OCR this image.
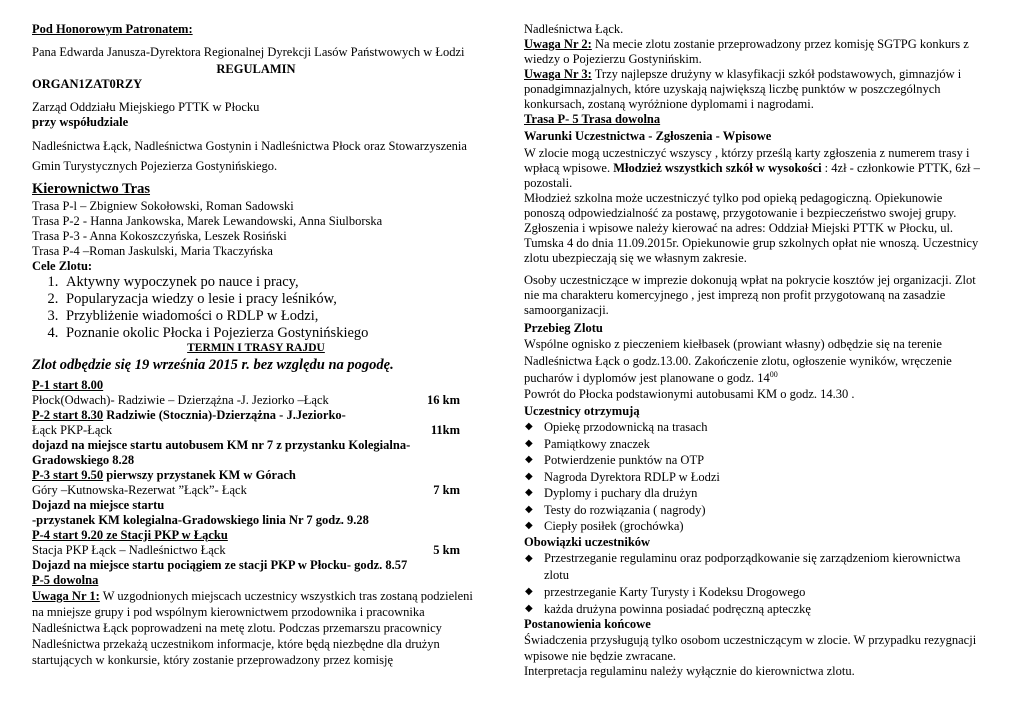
Pod Honorowym Patronatem:
Pana Edwarda Janusza-Dyrektora Regionalnej Dyrekcji Lasów Państwowych w Łodzi
REGULAMIN
ORGAN1ZAT0RZY
Zarząd Oddziału Miejskiego PTTK w Płocku
przy współudziale
Nadleśnictwa Łąck, Nadleśnictwa Gostynin i Nadleśnictwa Płock oraz Stowarzyszenia Gmin Turystycznych Pojezierza Gostynińskiego.
Kierownictwo Tras
Trasa P-l – Zbigniew Sokołowski, Roman Sadowski
Trasa P-2 - Hanna Jankowska, Marek Lewandowski, Anna Siulborska
Trasa P-3 - Anna Kokoszczyńska, Leszek Rosiński
Trasa P-4 –Roman Jaskulski, Maria Tkaczyńska
Cele Zlotu:
1. Aktywny wypoczynek po nauce i pracy,
2. Popularyzacja wiedzy o lesie i pracy leśników,
3. Przybliżenie wiadomości o RDLP w Łodzi,
4. Poznanie okolic Płocka i Pojezierza Gostynińskiego
TERMIN I TRASY RAJDU
Zlot odbędzie się 19 września 2015 r. bez względu na pogodę.
P-1 start 8.00
Płock(Odwach)- Radziwie – Dzierzążna -J. Jeziorko –Łąck	16 km
P-2 start 8.30 Radziwie (Stocznia)-Dzierzążna - J.Jeziorko-
Łąck PKP-Łąck	11km
dojazd na miejsce startu autobusem KM nr 7 z przystanku Kolegialna-Gradowskiego 8.28
P-3 start 9.50 pierwszy przystanek KM w Górach
Góry –Kutnowska-Rezerwat ”Łąck”- Łąck	7 km
Dojazd na miejsce startu
-przystanek KM kolegialna-Gradowskiego linia Nr 7 godz. 9.28
P-4 start 9.20 ze Stacji PKP w Łącku
Stacja PKP Łąck – Nadleśnictwo Łąck	5 km
Dojazd na miejsce startu pociągiem ze stacji PKP w Płocku- godz. 8.57
P-5 dowolna
Uwaga Nr 1: W uzgodnionych miejscach uczestnicy wszystkich tras zostaną podzieleni na mniejsze grupy i pod wspólnym kierownictwem przodownika i pracownika Nadleśnictwa Łąck poprowadzeni na metę zlotu. Podczas przemarszu pracownicy Nadleśnictwa przekażą uczestnikom informacje, które będą niezbędne dla drużyn startujących w konkursie, który zostanie przeprowadzony przez komisję
Nadleśnictwa Łąck.
Uwaga Nr 2: Na mecie zlotu zostanie przeprowadzony przez komisję SGTPG konkurs z wiedzy o Pojezierzu Gostynińskim.
Uwaga Nr 3: Trzy najlepsze drużyny w klasyfikacji szkół podstawowych, gimnazjów i ponadgimnazjalnych, które uzyskają największą liczbę punktów w poszczególnych konkursach, zostaną wyróżnione dyplomami i nagrodami.
Trasa P- 5 Trasa dowolna
Warunki Uczestnictwa - Zgłoszenia - Wpisowe
W zlocie mogą uczestniczyć wszyscy , którzy prześlą karty zgłoszenia z numerem trasy i wpłacą wpisowe. Młodzież wszystkich szkół w wysokości : 4zł - członkowie PTTK, 6zł – pozostali.
Młodzież szkolna może uczestniczyć tylko pod opieką pedagogiczną. Opiekunowie ponoszą odpowiedzialność za postawę, przygotowanie i bezpieczeństwo swojej grupy. Zgłoszenia i wpisowe należy kierować na adres: Oddział Miejski PTTK w Płocku, ul. Tumska 4 do dnia 11.09.2015r. Opiekunowie grup szkolnych opłat nie wnoszą. Uczestnicy zlotu ubezpieczają się we własnym zakresie.
Osoby uczestniczące w imprezie dokonują wpłat na pokrycie kosztów jej organizacji. Zlot nie ma charakteru komercyjnego , jest imprezą non profit przygotowaną na zasadzie samoorganizacji.
Przebieg Zlotu
Wspólne ognisko z pieczeniem kiełbasek (prowiant własny) odbędzie się na terenie Nadleśnictwa Łąck o godz.13.00. Zakończenie zlotu, ogłoszenie wyników, wręczenie pucharów i dyplomów jest planowane o godz. $14^{00}$
Powrót do Płocka podstawionymi autobusami KM o godz. 14.30 .
Uczestnicy otrzymują
◆ Opiekę przodownicką na trasach
◆ Pamiątkowy znaczek
◆ Potwierdzenie punktów na OTP
◆ Nagroda Dyrektora RDLP w Łodzi
◆ Dyplomy i puchary dla drużyn
◆ Testy do rozwiązania ( nagrody)
◆ Ciepły posiłek (grochówka)
Obowiązki uczestników
◆ Przestrzeganie regulaminu oraz podporządkowanie się zarządzeniom kierownictwa zlotu
◆ przestrzeganie Karty Turysty i Kodeksu Drogowego
◆ każda drużyna powinna posiadać podręczną apteczkę
Postanowienia końcowe
Świadczenia przysługują tylko osobom uczestniczącym w zlocie. W przypadku rezygnacji wpisowe nie będzie zwracane.
Interpretacja regulaminu należy wyłącznie do kierownictwa zlotu.
